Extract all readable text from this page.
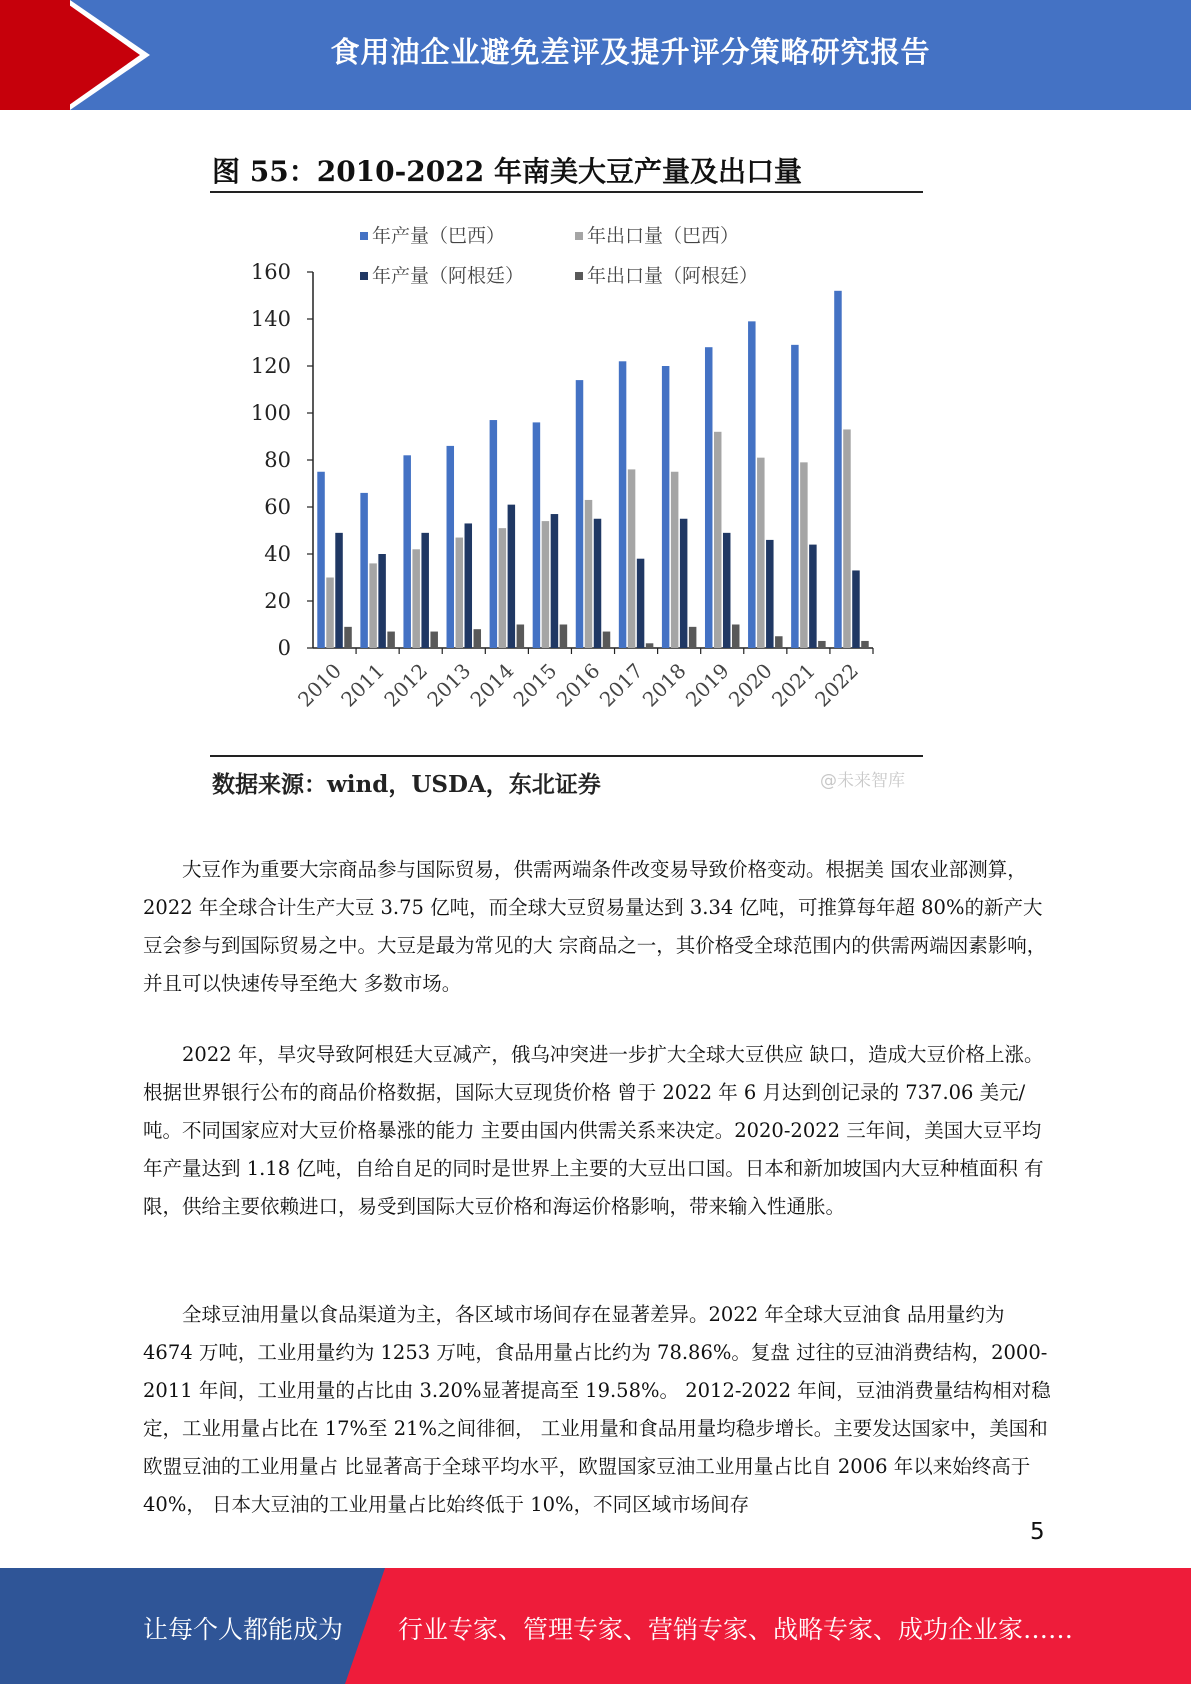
食用油企业避免差评及提升评分策略研究报告
图 55：2010-2022 年南美大豆产量及出口量
0
20
40
60
80
100
120
140
160
2010
2011
2012
2013
2014
2015
2016
2017
2018
2019
2020
2021
2022
年产量（巴西）	年出口量（巴西）
年产量（阿根廷）	年出口量（阿根廷）
数据来源：wind，USDA，东北证券	@未来智库

大豆作为重要大宗商品参与国际贸易，供需两端条件改变易导致价格变动。根据美 国农业部测算，2022 年全球合计生产大豆 3.75 亿吨，而全球大豆贸易量达到 3.34 亿吨，可推算每年超 80%的新产大豆会参与到国际贸易之中。大豆是最为常见的大 宗商品之一，其价格受全球范围内的供需两端因素影响，并且可以快速传导至绝大 多数市场。

2022 年，旱灾导致阿根廷大豆减产，俄乌冲突进一步扩大全球大豆供应 缺口，造成大豆价格上涨。根据世界银行公布的商品价格数据，国际大豆现货价格 曾于 2022 年 6 月达到创记录的 737.06 美元/吨。不同国家应对大豆价格暴涨的能力 主要由国内供需关系来决定。2020-2022 三年间，美国大豆平均年产量达到 1.18 亿吨，自给自足的同时是世界上主要的大豆出口国。日本和新加坡国内大豆种植面积 有限，供给主要依赖进口，易受到国际大豆价格和海运价格影响，带来输入性通胀。

全球豆油用量以食品渠道为主，各区域市场间存在显著差异。2022 年全球大豆油食 品用量约为 4674 万吨，工业用量约为 1253 万吨，食品用量占比约为 78.86%。复盘 过往的豆油消费结构，2000-2011 年间，工业用量的占比由 3.20%显著提高至 19.58%。 2012-2022 年间，豆油消费量结构相对稳定，工业用量占比在 17%至 21%之间徘徊， 工业用量和食品用量均稳步增长。主要发达国家中，美国和欧盟豆油的工业用量占 比显著高于全球平均水平，欧盟国家豆油工业用量占比自 2006 年以来始终高于 40%， 日本大豆油的工业用量占比始终低于 10%，不同区域市场间存

5
让每个人都能成为 行业专家、管理专家、营销专家、战略专家、成功企业家……
